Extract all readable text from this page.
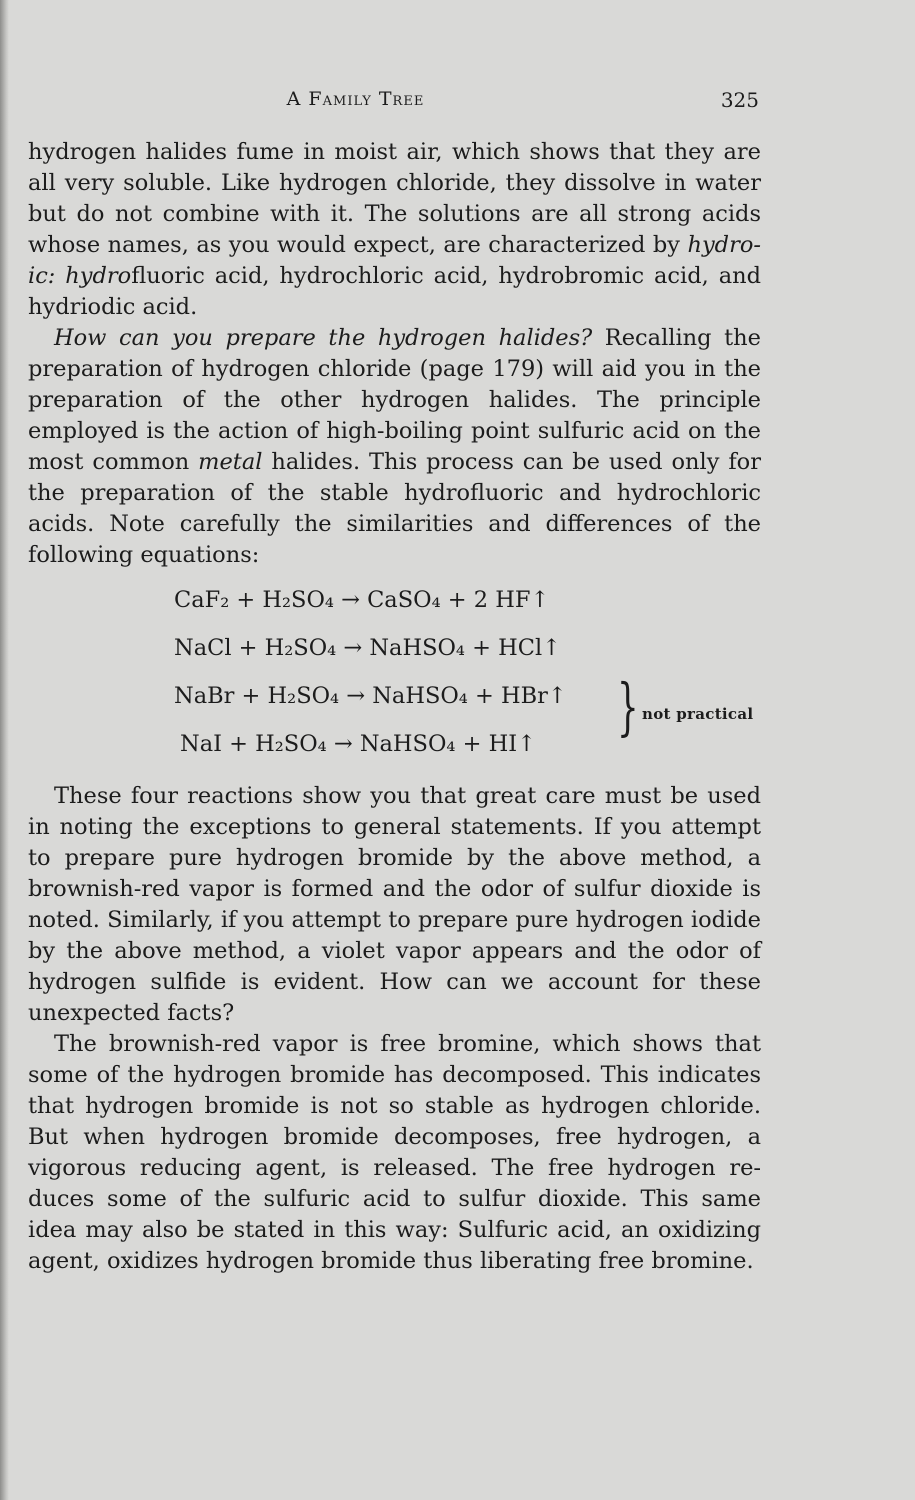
A Family Tree	325

hydrogen halides fume in moist air, which shows that they are all very soluble. Like hydrogen chloride, they dissolve in water but do not combine with it. The solutions are all strong acids whose names, as you would expect, are characterized by hydro- ic: hydrofluoric acid, hydrochloric acid, hydrobromic acid, and hydriodic acid.

How can you prepare the hydrogen halides? Recalling the preparation of hydrogen chloride (page 179) will aid you in the preparation of the other hydrogen halides. The principle employed is the action of high-boiling point sulfuric acid on the most common metal halides. This process can be used only for the preparation of the stable hydrofluoric and hydrochloric acids. Note carefully the similarities and differences of the following equations:

CaF₂ + H₂SO₄ → CaSO₄ + 2 HF↑
NaCl + H₂SO₄ → NaHSO₄ + HCl↑
NaBr + H₂SO₄ → NaHSO₄ + HBr↑
NaI + H₂SO₄ → NaHSO₄ + HI↑
} not practical

These four reactions show you that great care must be used in noting the exceptions to general statements. If you attempt to prepare pure hydrogen bromide by the above method, a brownish-red vapor is formed and the odor of sulfur dioxide is noted. Similarly, if you attempt to prepare pure hydrogen iodide by the above method, a violet vapor appears and the odor of hydrogen sulfide is evident. How can we account for these unexpected facts?

The brownish-red vapor is free bromine, which shows that some of the hydrogen bromide has decomposed. This indicates that hydrogen bromide is not so stable as hydrogen chloride. But when hydrogen bromide decomposes, free hydrogen, a vigorous reducing agent, is released. The free hydrogen reduces some of the sulfuric acid to sulfur dioxide. This same idea may also be stated in this way: Sulfuric acid, an oxidizing agent, oxidizes hydrogen bromide thus liberating free bromine.
